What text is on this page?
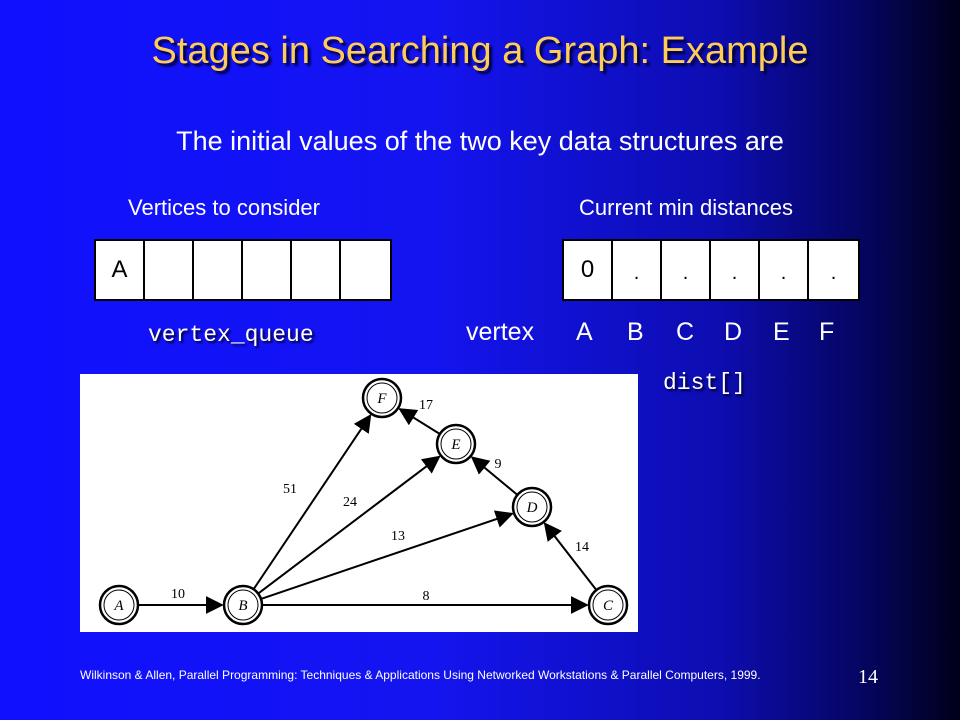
Stages in Searching a Graph: Example
The initial values of the two key data structures are
Vertices to consider	Current min distances
A	0	.	.	.	.	.
vertex_queue	vertex A B C D E F
dist[]
10	8
13
24
51
14
9
17
A	B	C
D
E
F
Wilkinson & Allen, Parallel Programming: Techniques & Applications Using Networked Workstations & Parallel Computers, 1999.	14
